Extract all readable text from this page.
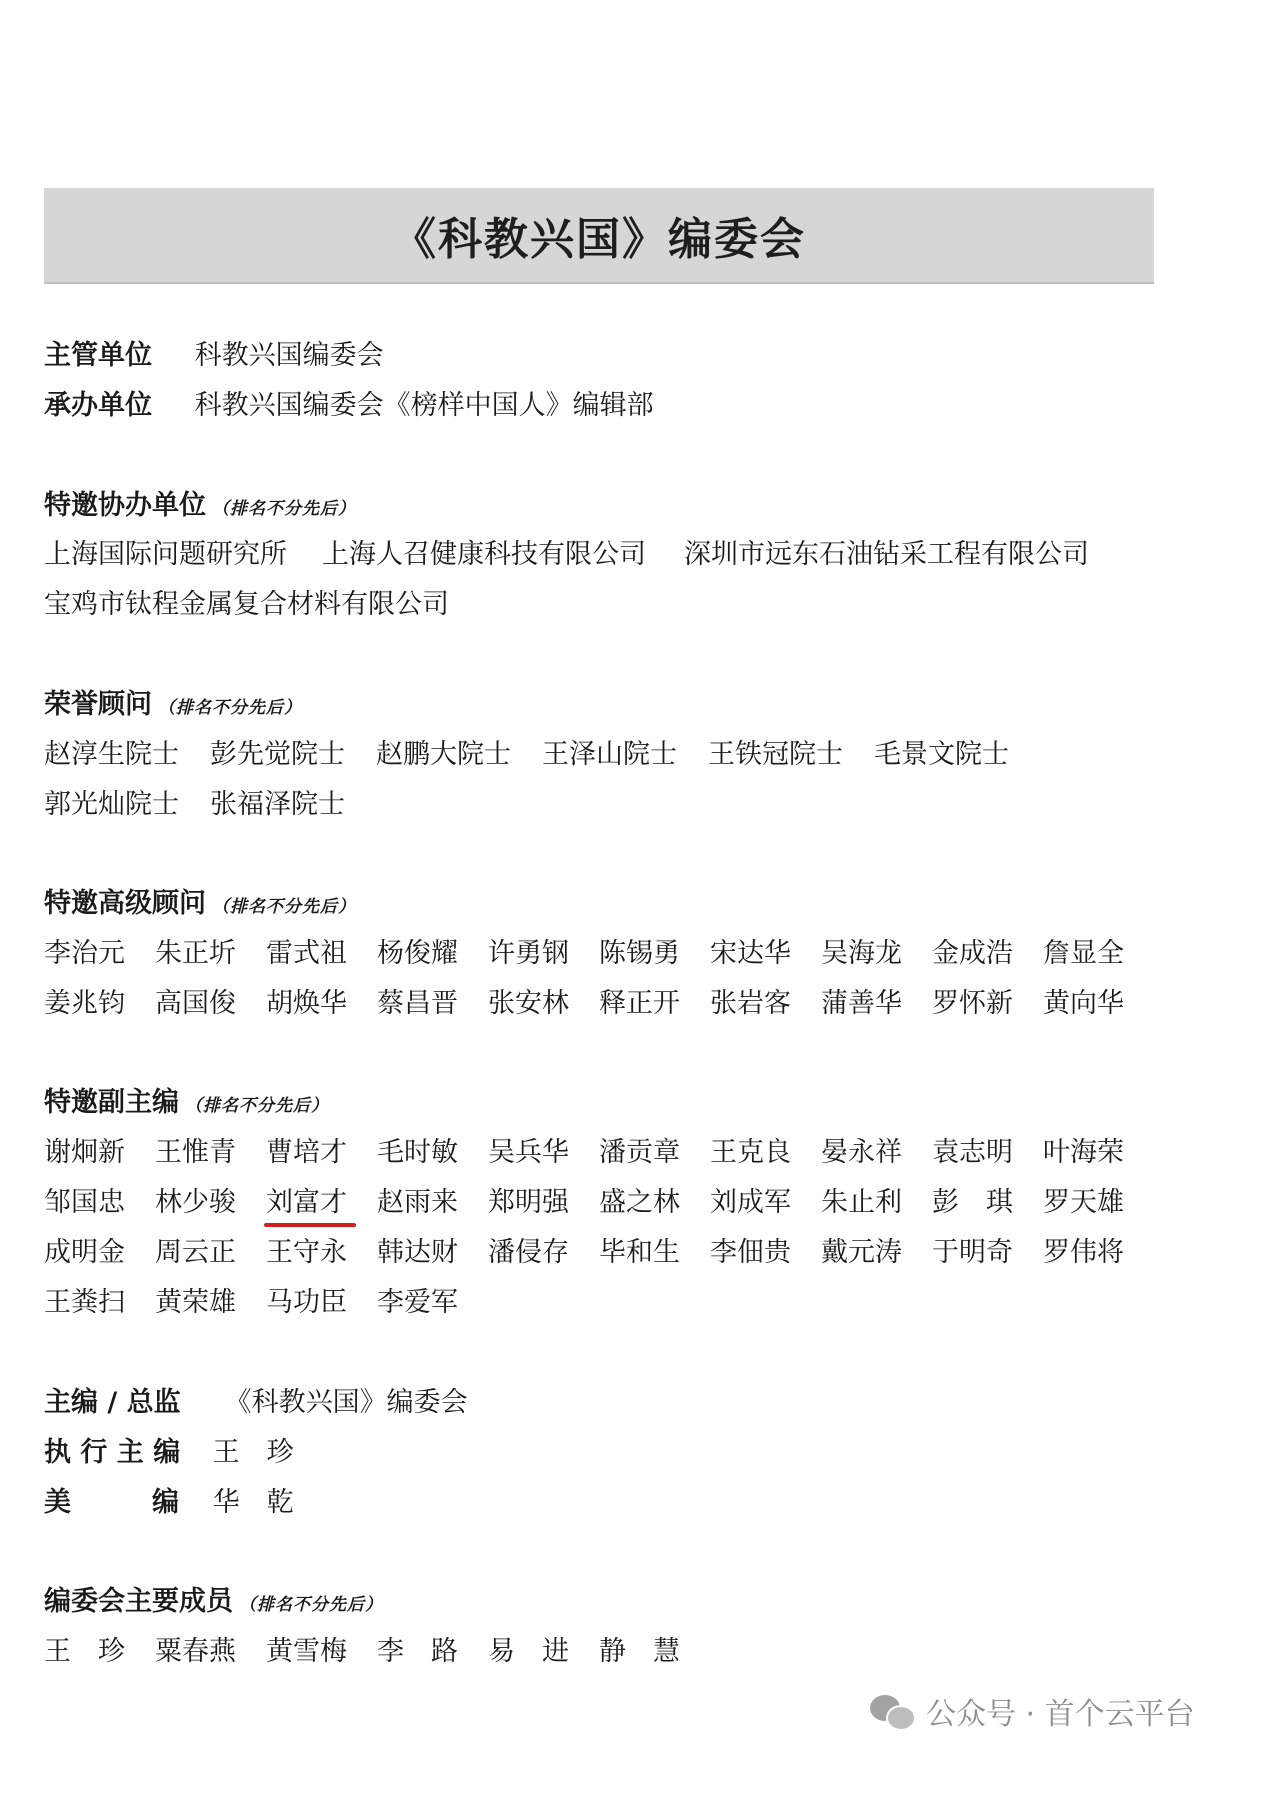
《科教兴国》编委会
主管单位 科教兴国编委会
承办单位 科教兴国编委会《榜样中国人》编辑部
特邀协办单位 （排名不分先后）
上海国际问题研究所 上海人召健康科技有限公司 深圳市远东石油钻采工程有限公司
宝鸡市钛程金属复合材料有限公司
荣誉顾问 （排名不分先后）
赵淳生院士 彭先觉院士 赵鹏大院士 王泽山院士 王铁冠院士 毛景文院士
郭光灿院士 张福泽院士
特邀高级顾问 （排名不分先后）
李治元 朱正圻 雷式祖 杨俊耀 许勇钢 陈锡勇 宋达华 吴海龙 金成浩 詹显全
姜兆钧 高国俊 胡焕华 蔡昌晋 张安林 释正开 张岩客 蒲善华 罗怀新 黄向华
特邀副主编 （排名不分先后）
谢炯新 王惟青 曹培才 毛时敏 吴兵华 潘贡章 王克良 晏永祥 袁志明 叶海荣
邹国忠 林少骏 刘富才 赵雨来 郑明强 盛之林 刘成军 朱止利 彭　琪 罗天雄
成明金 周云正 王守永 韩达财 潘侵存 毕和生 李佃贵 戴元涛 于明奇 罗伟将
王粪扫 黄荣雄 马功臣 李爱军
主编 / 总监 《科教兴国》编委会
执 行 主 编 王　珍
美　　　编 华　乾
编委会主要成员 （排名不分先后）
王　珍 粟春燕 黄雪梅 李　路 易　进 静　慧
公众号 · 首个云平台
